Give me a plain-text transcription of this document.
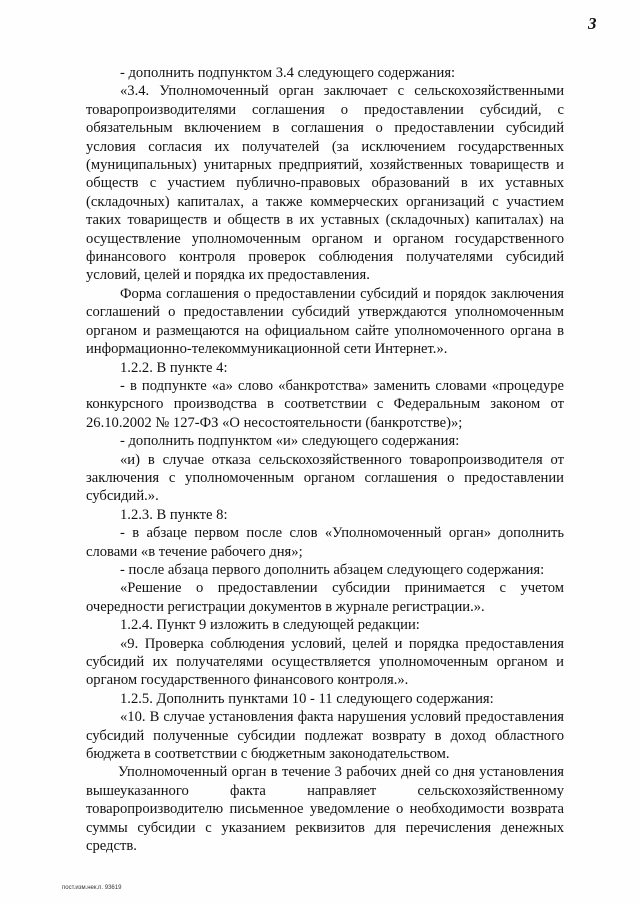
3

- дополнить подпунктом 3.4 следующего содержания:

«3.4. Уполномоченный орган заключает с сельскохозяйственными товаропроизводителями соглашения о предоставлении субсидий, с обязательным включением в соглашения о предоставлении субсидий условия согласия их получателей (за исключением государственных (муниципальных) унитарных предприятий, хозяйственных товариществ и обществ с участием публично-правовых образований в их уставных (складочных) капиталах, а также коммерческих организаций с участием таких товариществ и обществ в их уставных (складочных) капиталах) на осуществление уполномоченным органом и органом государственного финансового контроля проверок соблюдения получателями субсидий условий, целей и порядка их предоставления.

Форма соглашения о предоставлении субсидий и порядок заключения соглашений о предоставлении субсидий утверждаются уполномоченным органом и размещаются на официальном сайте уполномоченного органа в информационно-телекоммуникационной сети Интернет.».

1.2.2. В пункте 4:

- в подпункте «а» слово «банкротства» заменить словами «процедуре конкурсного производства в соответствии с Федеральным законом от 26.10.2002 № 127-ФЗ «О несостоятельности (банкротстве)»;

- дополнить подпунктом «и» следующего содержания:

«и) в случае отказа сельскохозяйственного товаропроизводителя от заключения с уполномоченным органом соглашения о предоставлении субсидий.».

1.2.3. В пункте 8:

- в абзаце первом после слов «Уполномоченный орган» дополнить словами «в течение рабочего дня»;

- после абзаца первого дополнить абзацем следующего содержания:

«Решение о предоставлении субсидии принимается с учетом очередности регистрации документов в журнале регистрации.».

1.2.4. Пункт 9 изложить в следующей редакции:

«9. Проверка соблюдения условий, целей и порядка предоставления субсидий их получателями осуществляется уполномоченным органом и органом государственного финансового контроля.».

1.2.5. Дополнить пунктами 10 - 11 следующего содержания:

«10. В случае установления факта нарушения условий предоставления субсидий полученные субсидии подлежат возврату в доход областного бюджета в соответствии с бюджетным законодательством.

Уполномоченный орган в течение 3 рабочих дней со дня установления вышеуказанного факта направляет сельскохозяйственному товаропроизводителю письменное уведомление о необходимости возврата суммы субсидии с указанием реквизитов для перечисления денежных средств.

пост.изм.нек.п. 93619
